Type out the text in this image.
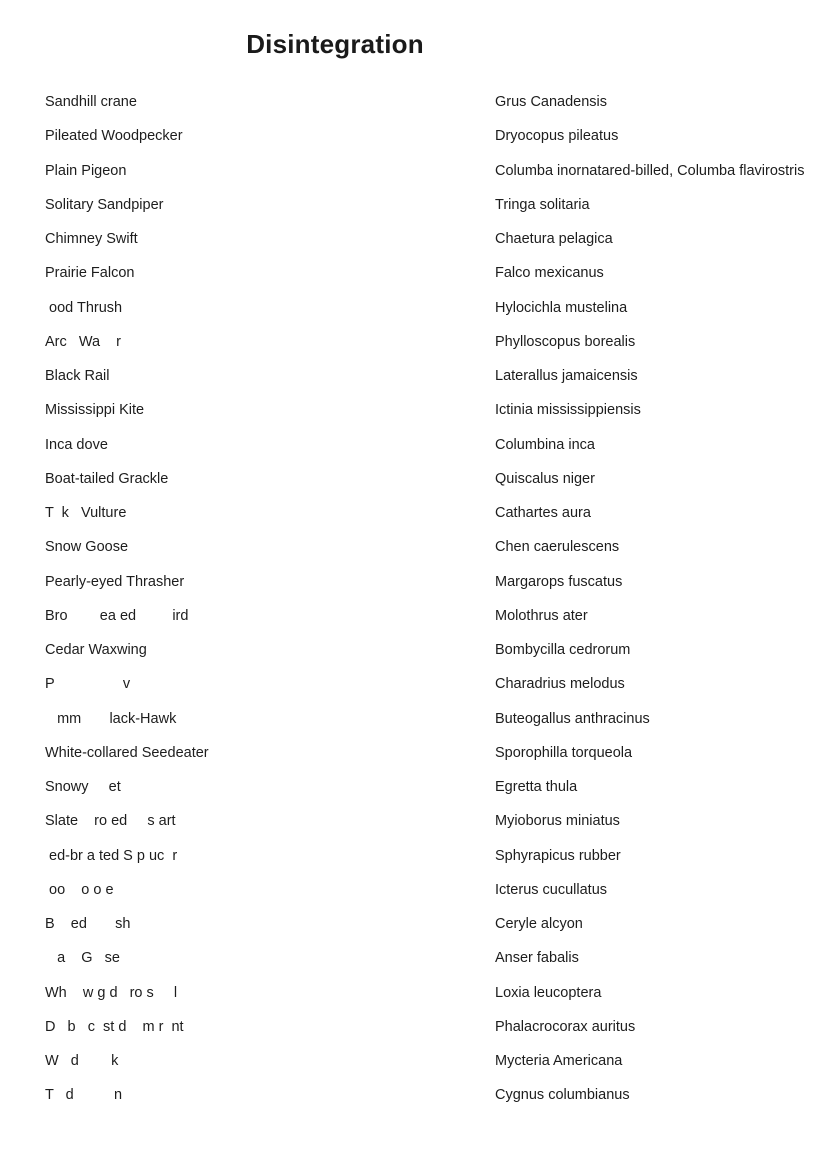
Disintegration
Sandhill crane	Grus Canadensis
Pileated Woodpecker	Dryocopus pileatus
Plain Pigeon	Columba inornatared-billed, Columba flavirostris
Solitary Sandpiper	Tringa solitaria
Chimney Swift	Chaetura pelagica
Prairie Falcon	Falco mexicanus
ood Thrush	Hylocichla mustelina
Arc   Wa    r	Phylloscopus borealis
Black Rail	Laterallus jamaicensis
Mississippi Kite	Ictinia mississippiensis
Inca dove	Columbina inca
Boat-tailed Grackle	Quiscalus niger
T  k   Vulture	Cathartes aura
Snow Goose	Chen caerulescens
Pearly-eyed Thrasher	Margarops fuscatus
Bro        ea ed         ird	Molothrus ater
Cedar Waxwing	Bombycilla cedrorum
P                 v	Charadrius melodus
mm       lack-Hawk	Buteogallus anthracinus
White-collared Seedeater	Sporophilla torqueola
Snowy     et	Egretta thula
Slate    ro ed     s art	Myioborus miniatus
ed-br a ted S p uc  r	Sphyrapicus rubber
oo    o o e	Icterus cucullatus
B    ed       sh	Ceryle alcyon
a    G   se	Anser fabalis
Wh    w g d   ro s     l	Loxia leucoptera
D   b   c  st d    m r  nt	Phalacrocorax auritus
W   d        k	Mycteria Americana
T   d          n	Cygnus columbianus
